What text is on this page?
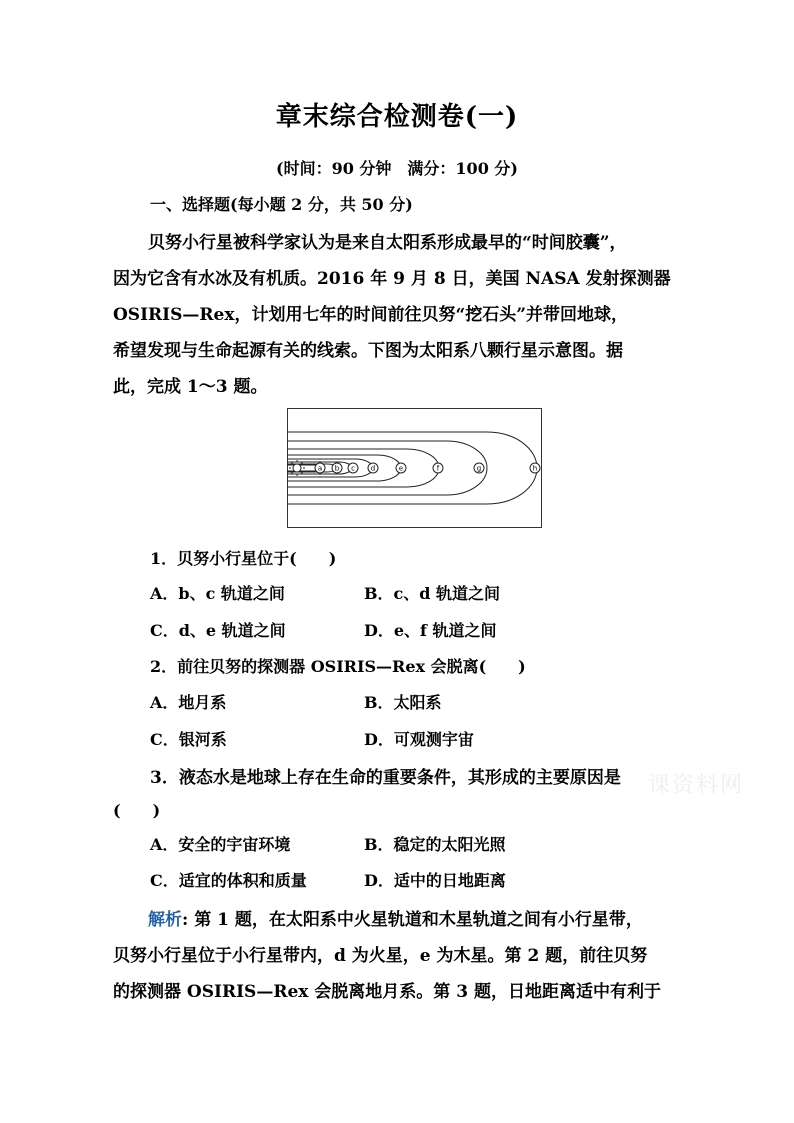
章末综合检测卷(一)
(时间：90 分钟　满分：100 分)
一、选择题(每小题 2 分，共 50 分)
贝努小行星被科学家认为是来自太阳系形成最早的“时间胶囊”，
因为它含有水冰及有机质。2016 年 9 月 8 日，美国 NASA 发射探测器
OSIRIS—Rex，计划用七年的时间前往贝努“挖石头”并带回地球，
希望发现与生命起源有关的线索。下图为太阳系八颗行星示意图。据
此，完成 1～3 题。
a b c d	e	f	g	h
1．贝努小行星位于(　　)
A．b、c 轨道之间	B．c、d 轨道之间
C．d、e 轨道之间	D．e、f 轨道之间
2．前往贝努的探测器 OSIRIS—Rex 会脱离(　　)
A．地月系	B．太阳系
C．银河系	D．可观测宇宙
3．液态水是地球上存在生命的重要条件，其形成的主要原因是
(　　)
A．安全的宇宙环境	B．稳定的太阳光照
C．适宜的体积和质量	D．适中的日地距离
解析: 第 1 题，在太阳系中火星轨道和木星轨道之间有小行星带，
贝努小行星位于小行星带内，d 为火星，e 为木星。第 2 题，前往贝努
的探测器 OSIRIS—Rex 会脱离地月系。第 3 题，日地距离适中有利于
课资料网
